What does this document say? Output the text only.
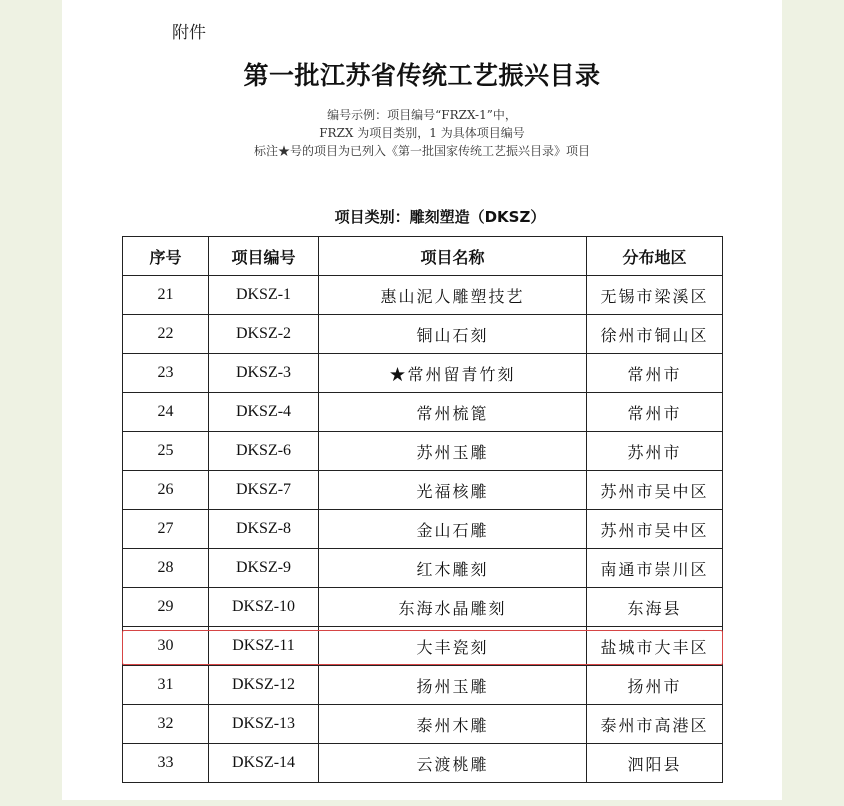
附件
第一批江苏省传统工艺振兴目录
编号示例：项目编号“FRZX-1”中，
FRZX 为项目类别，1 为具体项目编号
标注★号的项目为已列入《第一批国家传统工艺振兴目录》项目
项目类别：雕刻塑造（DKSZ）
序号	项目编号	项目名称	分布地区
21	DKSZ-1	惠山泥人雕塑技艺	无锡市梁溪区
22	DKSZ-2	铜山石刻	徐州市铜山区
23	DKSZ-3	★常州留青竹刻	常州市
24	DKSZ-4	常州梳篦	常州市
25	DKSZ-6	苏州玉雕	苏州市
26	DKSZ-7	光福核雕	苏州市吴中区
27	DKSZ-8	金山石雕	苏州市吴中区
28	DKSZ-9	红木雕刻	南通市崇川区
29	DKSZ-10	东海水晶雕刻	东海县
30	DKSZ-11	大丰瓷刻	盐城市大丰区
31	DKSZ-12	扬州玉雕	扬州市
32	DKSZ-13	泰州木雕	泰州市高港区
33	DKSZ-14	云渡桃雕	泗阳县
